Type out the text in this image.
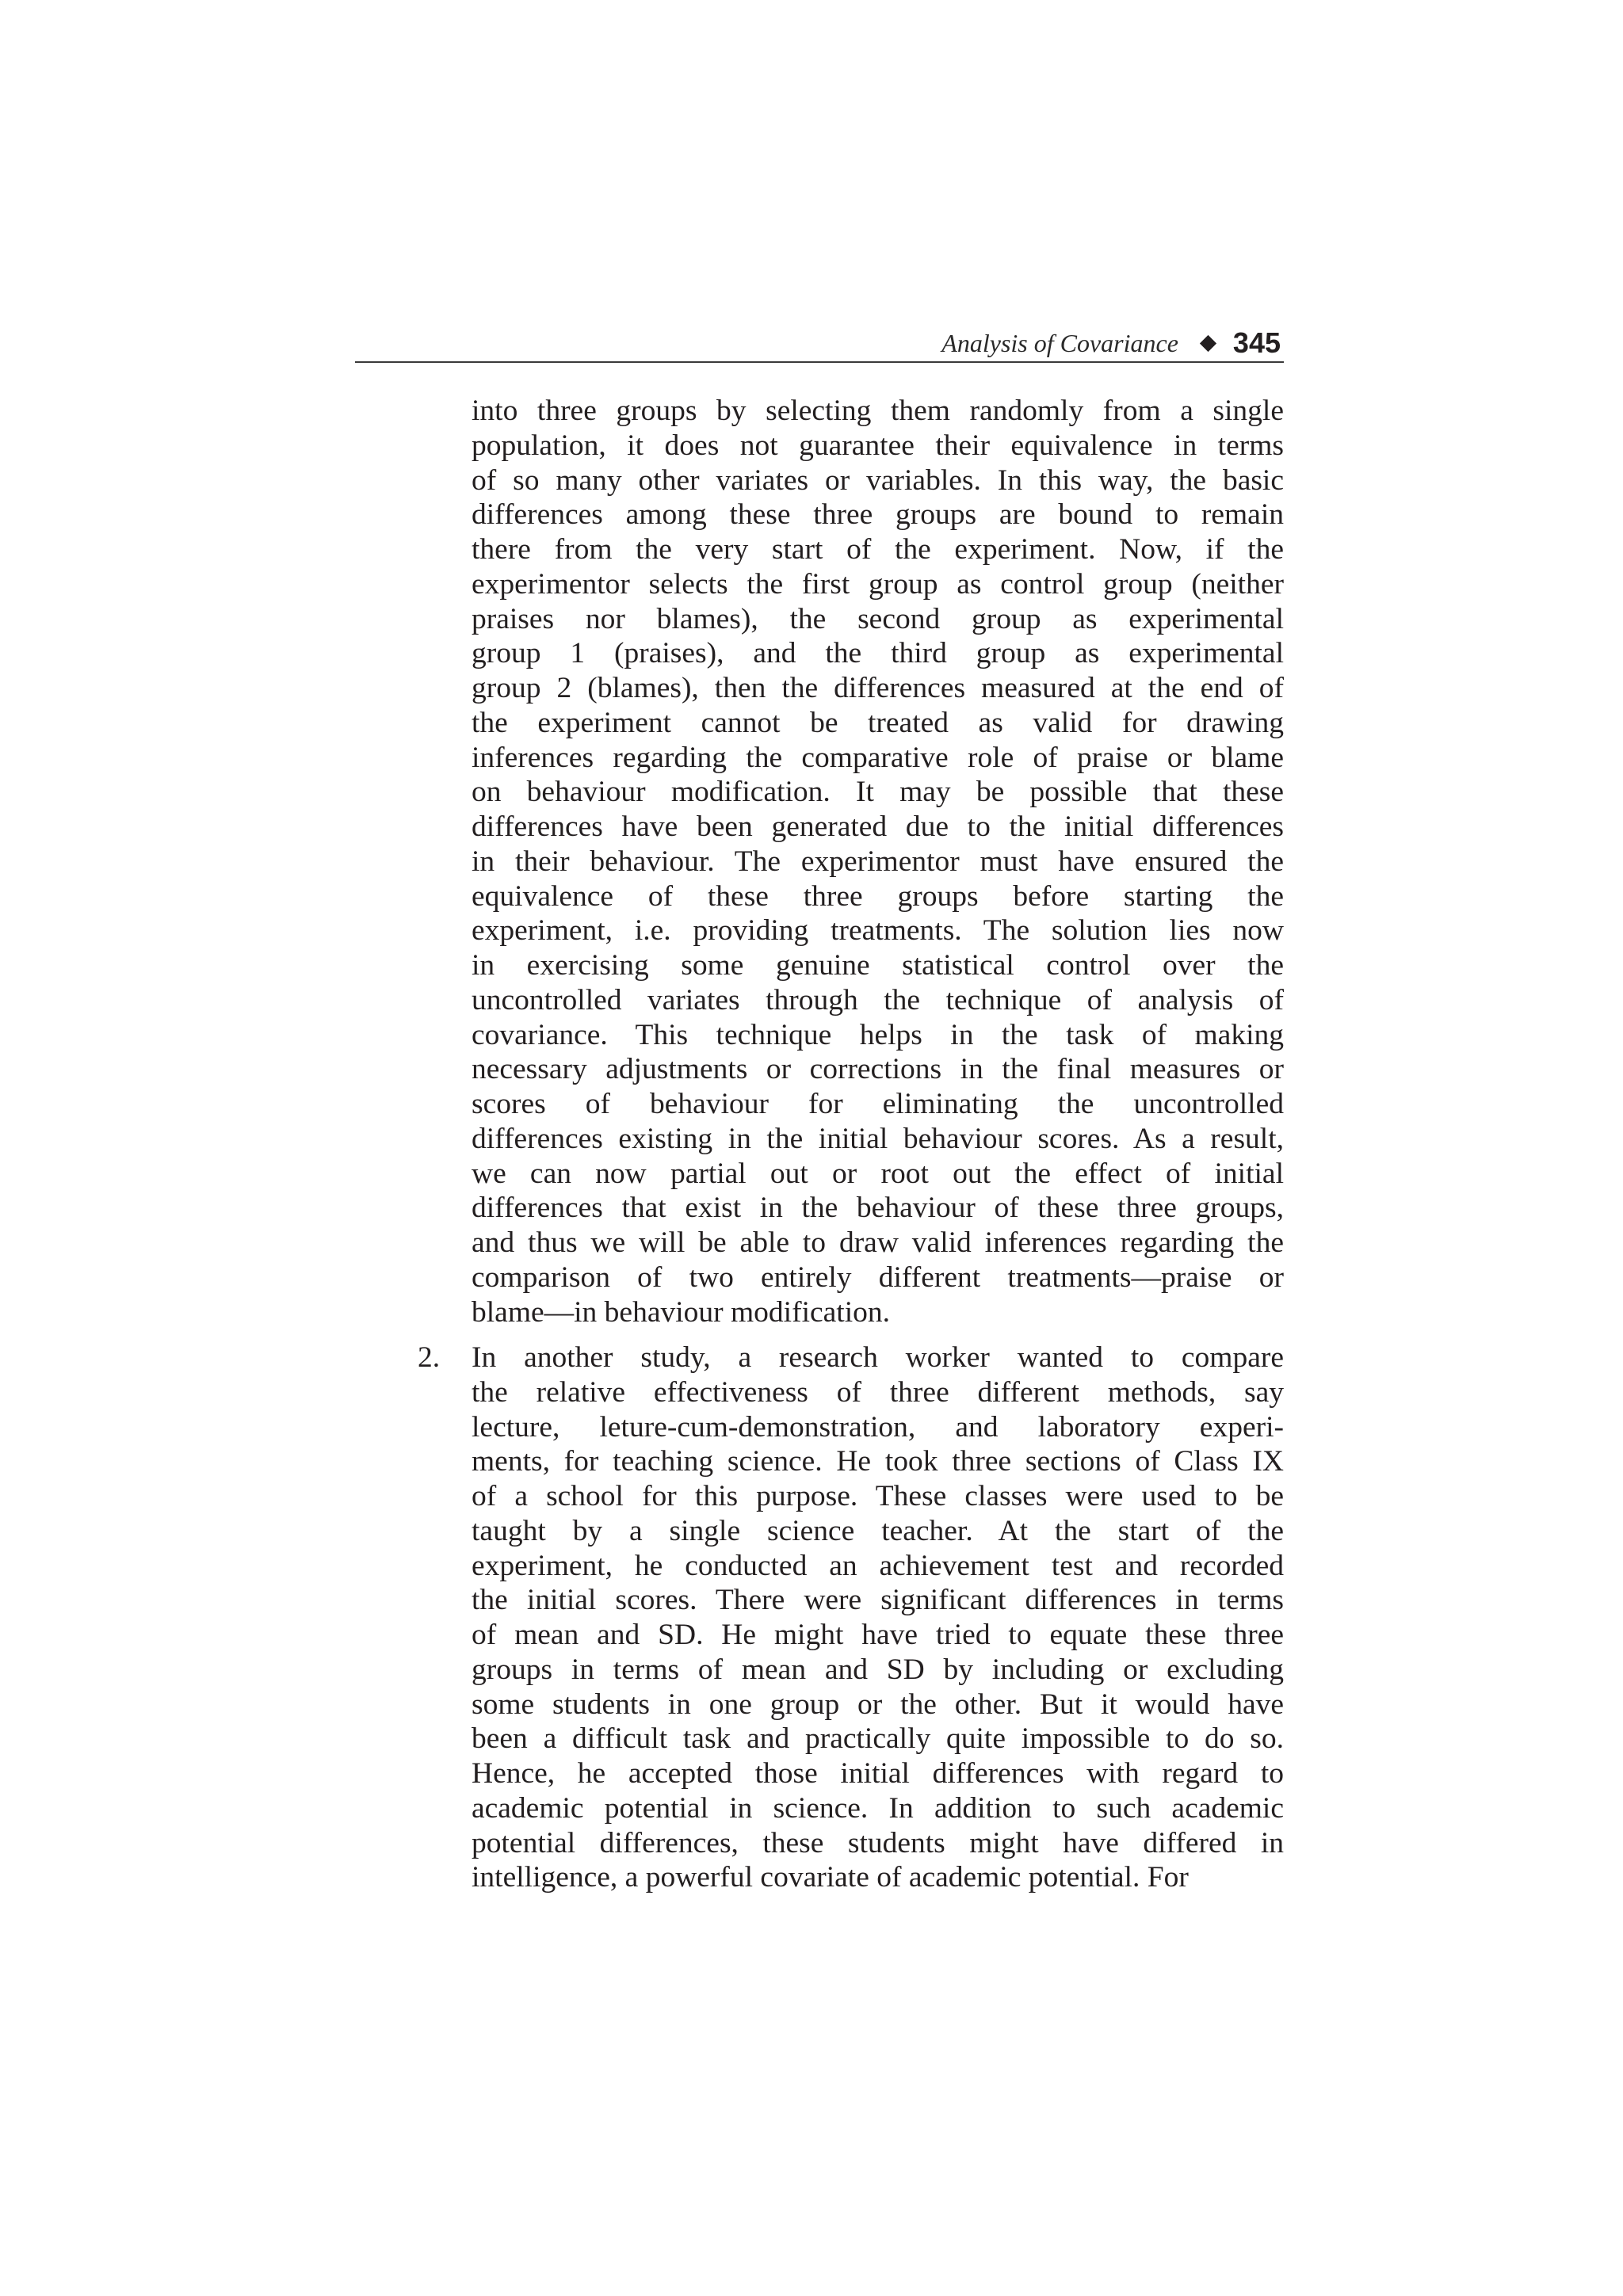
Analysis of Covariance 345

into three groups by selecting them randomly from a single
population, it does not guarantee their equivalence in terms
of so many other variates or variables. In this way, the basic
differences among these three groups are bound to remain
there from the very start of the experiment. Now, if the
experimentor selects the first group as control group (neither
praises nor blames), the second group as experimental
group 1 (praises), and the third group as experimental
group 2 (blames), then the differences measured at the end of
the experiment cannot be treated as valid for drawing
inferences regarding the comparative role of praise or blame
on behaviour modification. It may be possible that these
differences have been generated due to the initial differences
in their behaviour. The experimentor must have ensured the
equivalence of these three groups before starting the
experiment, i.e. providing treatments. The solution lies now
in exercising some genuine statistical control over the
uncontrolled variates through the technique of analysis of
covariance. This technique helps in the task of making
necessary adjustments or corrections in the final measures or
scores of behaviour for eliminating the uncontrolled
differences existing in the initial behaviour scores. As a result,
we can now partial out or root out the effect of initial
differences that exist in the behaviour of these three groups,
and thus we will be able to draw valid inferences regarding the
comparison of two entirely different treatments—praise or
blame—in behaviour modification.

2. In another study, a research worker wanted to compare
the relative effectiveness of three different methods, say
lecture, leture-cum-demonstration, and laboratory experi-
ments, for teaching science. He took three sections of Class IX
of a school for this purpose. These classes were used to be
taught by a single science teacher. At the start of the
experiment, he conducted an achievement test and recorded
the initial scores. There were significant differences in terms
of mean and SD. He might have tried to equate these three
groups in terms of mean and SD by including or excluding
some students in one group or the other. But it would have
been a difficult task and practically quite impossible to do so.
Hence, he accepted those initial differences with regard to
academic potential in science. In addition to such academic
potential differences, these students might have differed in
intelligence, a powerful covariate of academic potential. For
